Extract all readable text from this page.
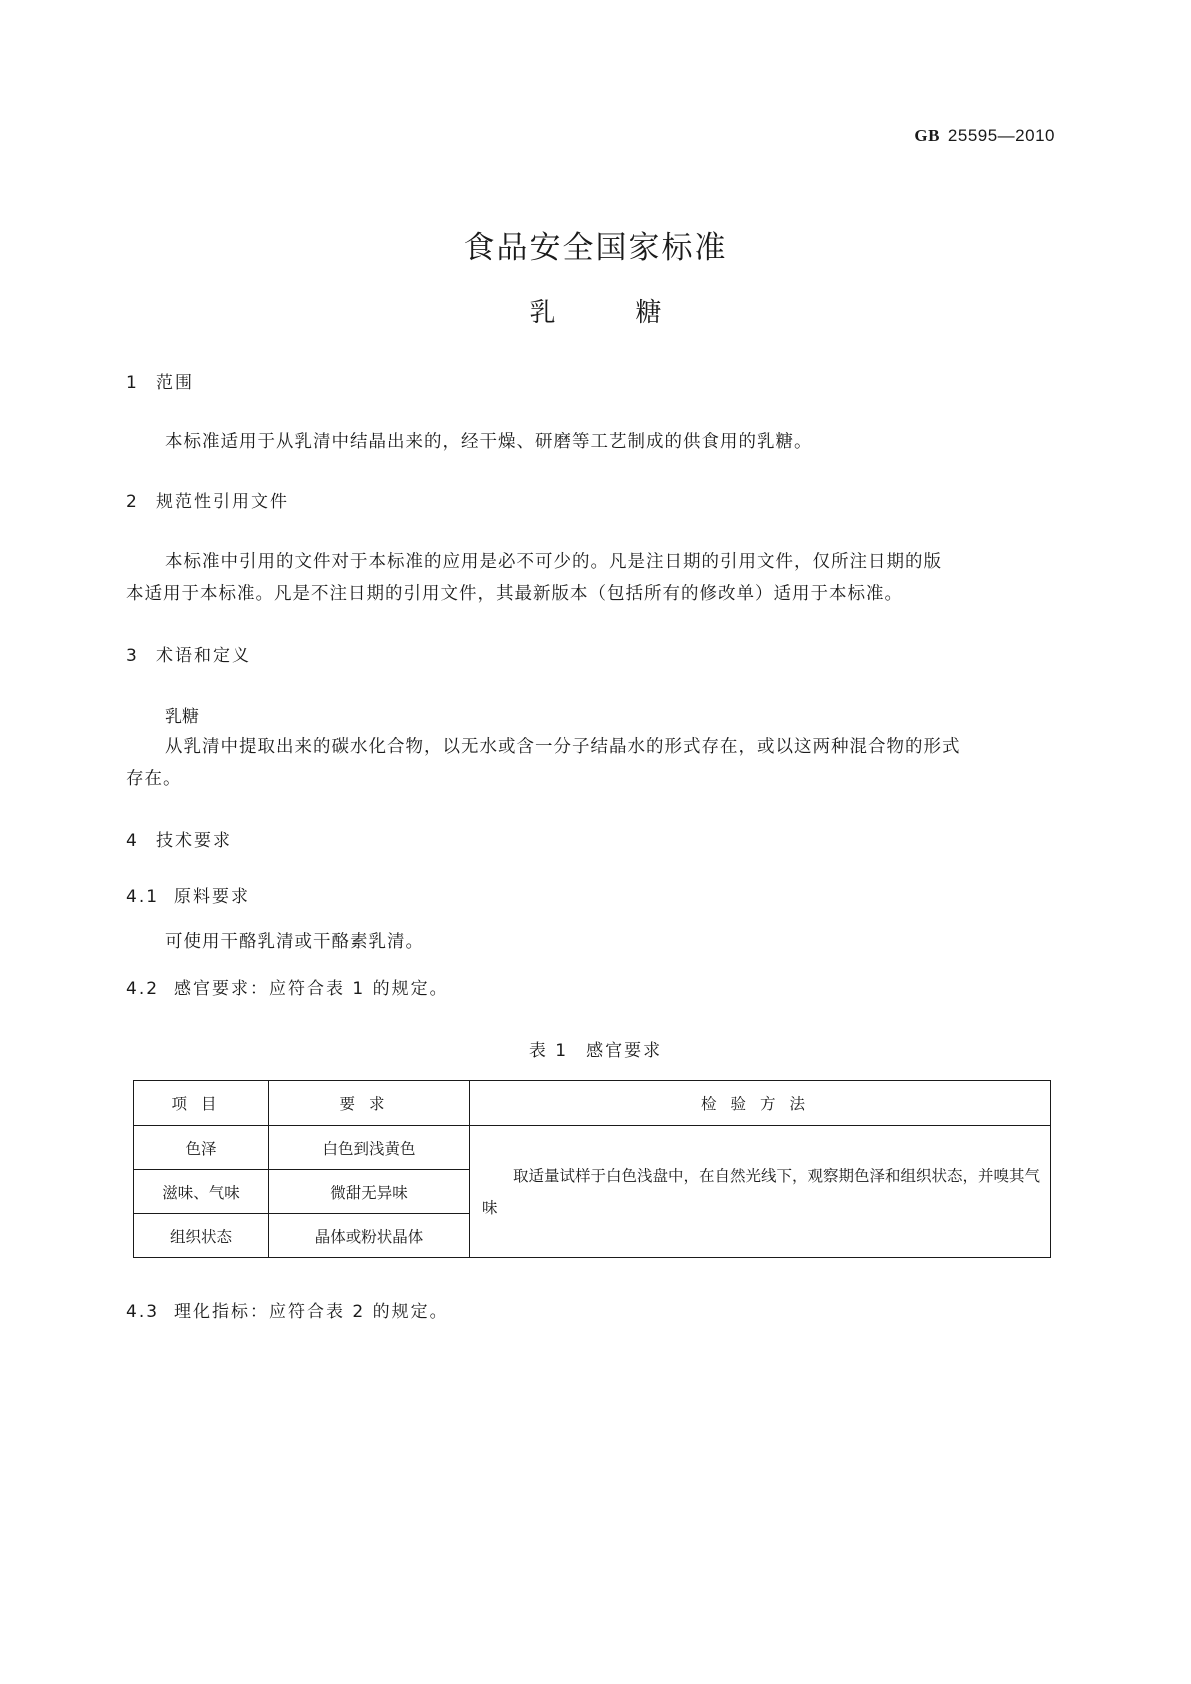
GB 25595—2010
食品安全国家标准
乳	糖
1 范围
本标准适用于从乳清中结晶出来的，经干燥、研磨等工艺制成的供食用的乳糖。
2 规范性引用文件
本标准中引用的文件对于本标准的应用是必不可少的。凡是注日期的引用文件，仅所注日期的版
本适用于本标准。凡是不注日期的引用文件，其最新版本（包括所有的修改单）适用于本标准。
3 术语和定义
乳糖
从乳清中提取出来的碳水化合物，以无水或含一分子结晶水的形式存在，或以这两种混合物的形式
存在。
4 技术要求
4.1 原料要求
可使用干酪乳清或干酪素乳清。
4.2 感官要求：应符合表 1 的规定。
表 1 感官要求
项目	要求	检验方法
色泽	白色到浅黄色	取适量试样于白色浅盘中，在自然光线下，观察期色泽和组织状态，并嗅其气味

滋味、气味	微甜无异味	
组织状态	晶体或粉状晶体	
4.3 理化指标：应符合表 2 的规定。
